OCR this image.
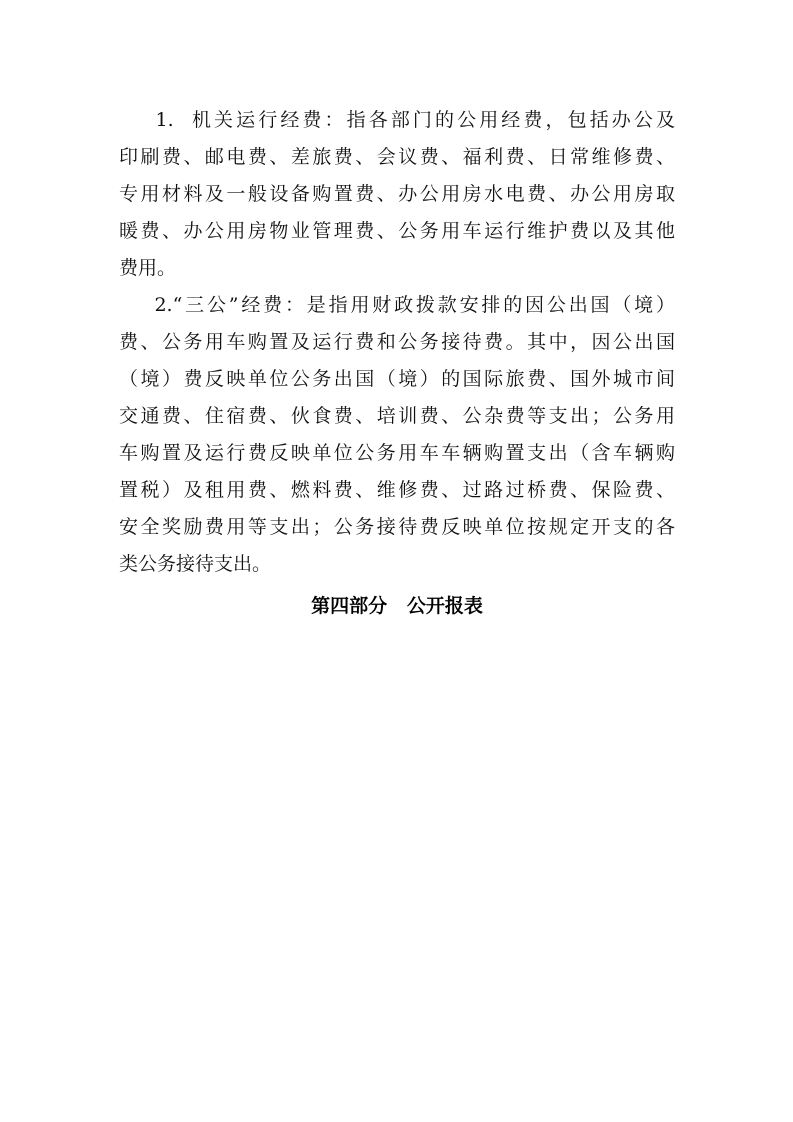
1.  机关运行经费：指各部门的公用经费，包括办公及
印刷费、邮电费、差旅费、会议费、福利费、日常维修费、
专用材料及一般设备购置费、办公用房水电费、办公用房取
暖费、办公用房物业管理费、公务用车运行维护费以及其他
费用。
2.“三公”经费：是指用财政拨款安排的因公出国（境）
费、公务用车购置及运行费和公务接待费。其中，因公出国
（境）费反映单位公务出国（境）的国际旅费、国外城市间
交通费、住宿费、伙食费、培训费、公杂费等支出；公务用
车购置及运行费反映单位公务用车车辆购置支出（含车辆购
置税）及租用费、燃料费、维修费、过路过桥费、保险费、
安全奖励费用等支出；公务接待费反映单位按规定开支的各
类公务接待支出。
第四部分   公开报表
